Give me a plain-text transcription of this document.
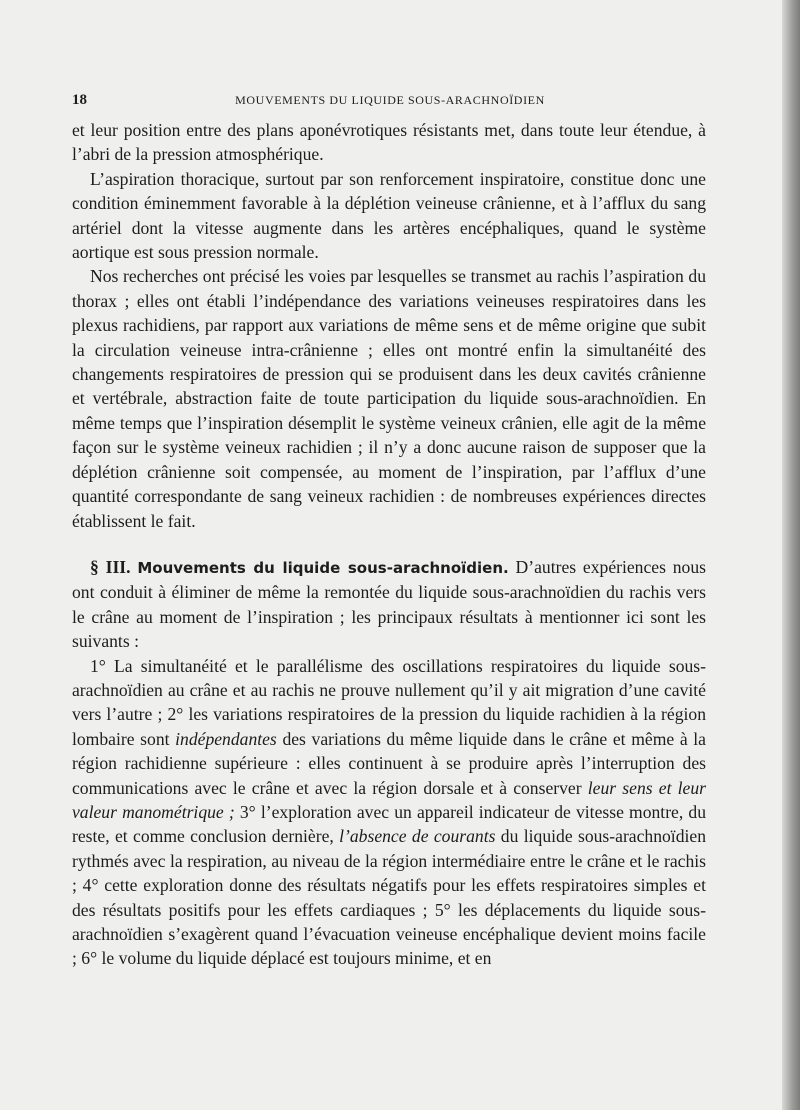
18	MOUVEMENTS DU LIQUIDE SOUS-ARACHNOÏDIEN

et leur position entre des plans aponévrotiques résistants met, dans toute leur étendue, à l’abri de la pression atmosphérique.

L’aspiration thoracique, surtout par son renforcement inspiratoire, constitue donc une condition éminemment favorable à la déplétion veineuse crânienne, et à l’afflux du sang artériel dont la vitesse augmente dans les artères encéphaliques, quand le système aortique est sous pression normale.

Nos recherches ont précisé les voies par lesquelles se transmet au rachis l’aspiration du thorax ; elles ont établi l’indépendance des variations veineuses respiratoires dans les plexus rachidiens, par rapport aux variations de même sens et de même origine que subit la circulation veineuse intra-crânienne ; elles ont montré enfin la simultanéité des changements respiratoires de pression qui se produisent dans les deux cavités crânienne et vertébrale, abstraction faite de toute participation du liquide sous-arachnoïdien. En même temps que l’inspiration désemplit le système veineux crânien, elle agit de la même façon sur le système veineux rachidien ; il n’y a donc aucune raison de supposer que la déplétion crânienne soit compensée, au moment de l’inspiration, par l’afflux d’une quantité correspondante de sang veineux rachidien : de nombreuses expériences directes établissent le fait.

§ III. Mouvements du liquide sous-arachnoïdien. D’autres expériences nous ont conduit à éliminer de même la remontée du liquide sous-arachnoïdien du rachis vers le crâne au moment de l’inspiration ; les principaux résultats à mentionner ici sont les suivants :

1° La simultanéité et le parallélisme des oscillations respiratoires du liquide sous-arachnoïdien au crâne et au rachis ne prouve nullement qu’il y ait migration d’une cavité vers l’autre ; 2° les variations respiratoires de la pression du liquide rachidien à la région lombaire sont indépendantes des variations du même liquide dans le crâne et même à la région rachidienne supérieure : elles continuent à se produire après l’interruption des communications avec le crâne et avec la région dorsale et à conserver leur sens et leur valeur manométrique ; 3° l’exploration avec un appareil indicateur de vitesse montre, du reste, et comme conclusion dernière, l’absence de courants du liquide sous-arachnoïdien rythmés avec la respiration, au niveau de la région intermédiaire entre le crâne et le rachis ; 4° cette exploration donne des résultats négatifs pour les effets respiratoires simples et des résultats positifs pour les effets cardiaques ; 5° les déplacements du liquide sous-arachnoïdien s’exagèrent quand l’évacuation veineuse encéphalique devient moins facile ; 6° le volume du liquide déplacé est toujours minime, et en
